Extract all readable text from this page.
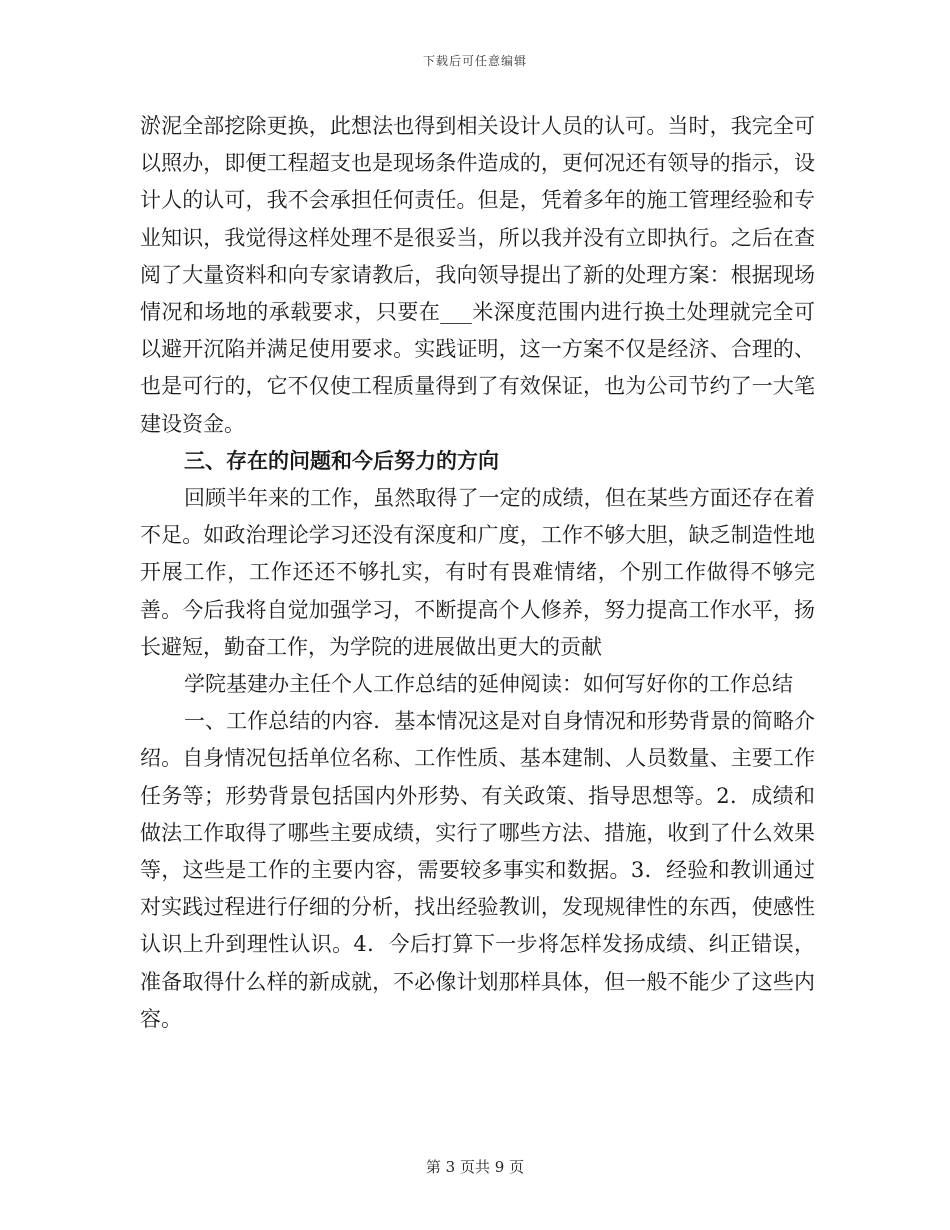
下载后可任意编辑

淤泥全部挖除更换，此想法也得到相关设计人员的认可。当时，我完全可以照办，即便工程超支也是现场条件造成的，更何况还有领导的指示，设计人的认可，我不会承担任何责任。但是，凭着多年的施工管理经验和专业知识，我觉得这样处理不是很妥当，所以我并没有立即执行。之后在查阅了大量资料和向专家请教后，我向领导提出了新的处理方案：根据现场情况和场地的承载要求，只要在___米深度范围内进行换土处理就完全可以避开沉陷并满足使用要求。实践证明，这一方案不仅是经济、合理的、也是可行的，它不仅使工程质量得到了有效保证，也为公司节约了一大笔建设资金。

三、存在的问题和今后努力的方向

回顾半年来的工作，虽然取得了一定的成绩，但在某些方面还存在着不足。如政治理论学习还没有深度和广度，工作不够大胆，缺乏制造性地开展工作，工作还还不够扎实，有时有畏难情绪，个别工作做得不够完善。今后我将自觉加强学习，不断提高个人修养，努力提高工作水平，扬长避短，勤奋工作，为学院的进展做出更大的贡献

学院基建办主任个人工作总结的延伸阅读：如何写好你的工作总结

一、工作总结的内容．基本情况这是对自身情况和形势背景的简略介绍。自身情况包括单位名称、工作性质、基本建制、人员数量、主要工作任务等；形势背景包括国内外形势、有关政策、指导思想等。2．成绩和做法工作取得了哪些主要成绩，实行了哪些方法、措施，收到了什么效果等，这些是工作的主要内容，需要较多事实和数据。3．经验和教训通过对实践过程进行仔细的分析，找出经验教训，发现规律性的东西，使感性认识上升到理性认识。4．今后打算下一步将怎样发扬成绩、纠正错误，准备取得什么样的新成就，不必像计划那样具体，但一般不能少了这些内容。

第 3 页共 9 页
